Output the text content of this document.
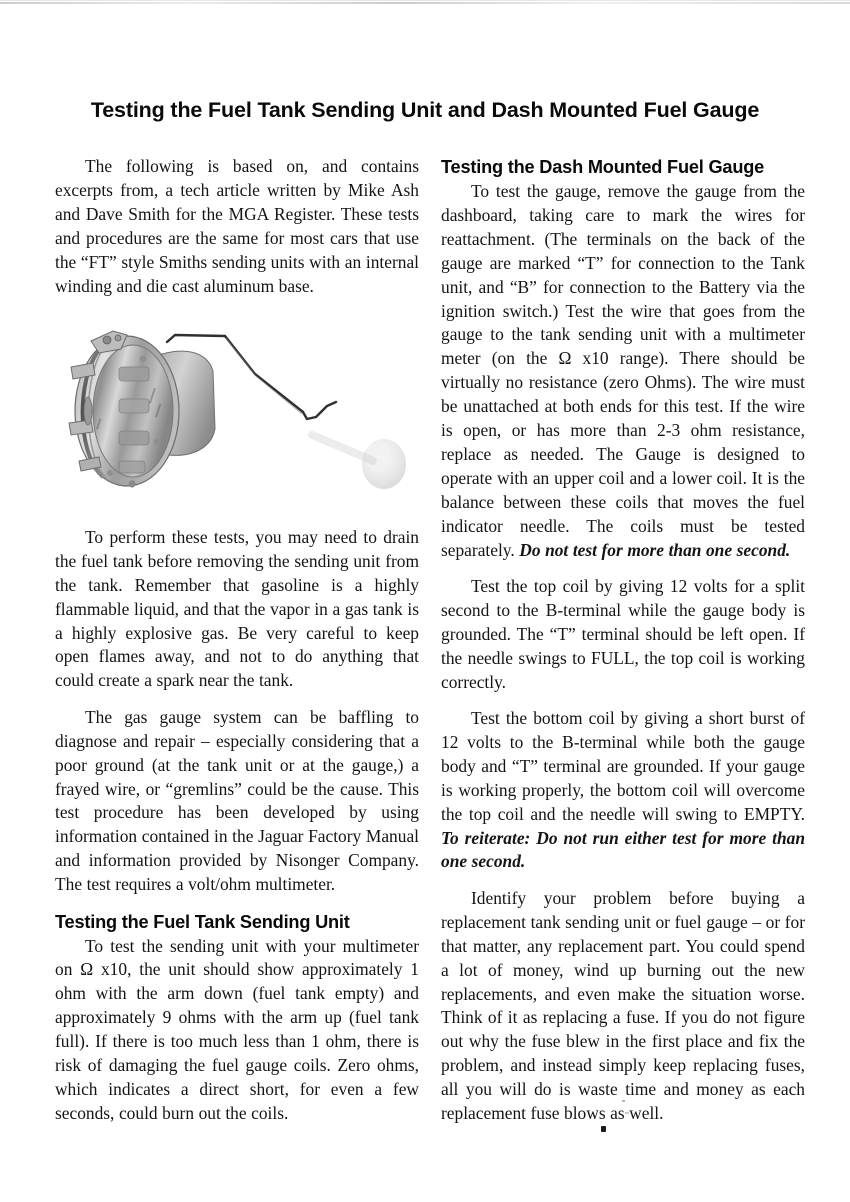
Testing the Fuel Tank Sending Unit and Dash Mounted Fuel Gauge

The following is based on, and contains excerpts from, a tech article written by Mike Ash and Dave Smith for the MGA Register. These tests and procedures are the same for most cars that use the “FT” style Smiths sending units with an internal winding and die cast aluminum base.

To perform these tests, you may need to drain the fuel tank before removing the sending unit from the tank. Remember that gasoline is a highly flammable liquid, and that the vapor in a gas tank is a highly explosive gas. Be very careful to keep open flames away, and not to do anything that could create a spark near the tank.

The gas gauge system can be baffling to diagnose and repair – especially considering that a poor ground (at the tank unit or at the gauge,) a frayed wire, or “gremlins” could be the cause. This test procedure has been developed by using information contained in the Jaguar Factory Manual and information provided by Nisonger Company. The test requires a volt/ohm multimeter.

Testing the Fuel Tank Sending Unit

To test the sending unit with your multimeter on Ω x10, the unit should show approximately 1 ohm with the arm down (fuel tank empty) and approximately 9 ohms with the arm up (fuel tank full). If there is too much less than 1 ohm, there is risk of damaging the fuel gauge coils. Zero ohms, which indicates a direct short, for even a few seconds, could burn out the coils.

Testing the Dash Mounted Fuel Gauge

To test the gauge, remove the gauge from the dashboard, taking care to mark the wires for reattachment. (The terminals on the back of the gauge are marked “T” for connection to the Tank unit, and “B” for connection to the Battery via the ignition switch.) Test the wire that goes from the gauge to the tank sending unit with a multimeter meter (on the Ω x10 range). There should be virtually no resistance (zero Ohms). The wire must be unattached at both ends for this test. If the wire is open, or has more than 2-3 ohm resistance, replace as needed. The Gauge is designed to operate with an upper coil and a lower coil. It is the balance between these coils that moves the fuel indicator needle. The coils must be tested separately. Do not test for more than one second.

Test the top coil by giving 12 volts for a split second to the B-terminal while the gauge body is grounded. The “T” terminal should be left open. If the needle swings to FULL, the top coil is working correctly.

Test the bottom coil by giving a short burst of 12 volts to the B-terminal while both the gauge body and “T” terminal are grounded. If your gauge is working properly, the bottom coil will overcome the top coil and the needle will swing to EMPTY. To reiterate: Do not run either test for more than one second.

Identify your problem before buying a replacement tank sending unit or fuel gauge – or for that matter, any replacement part. You could spend a lot of money, wind up burning out the new replacements, and even make the situation worse. Think of it as replacing a fuse. If you do not figure out why the fuse blew in the first place and fix the problem, and instead simply keep replacing fuses, all you will do is waste time and money as each replacement fuse blows as well.
